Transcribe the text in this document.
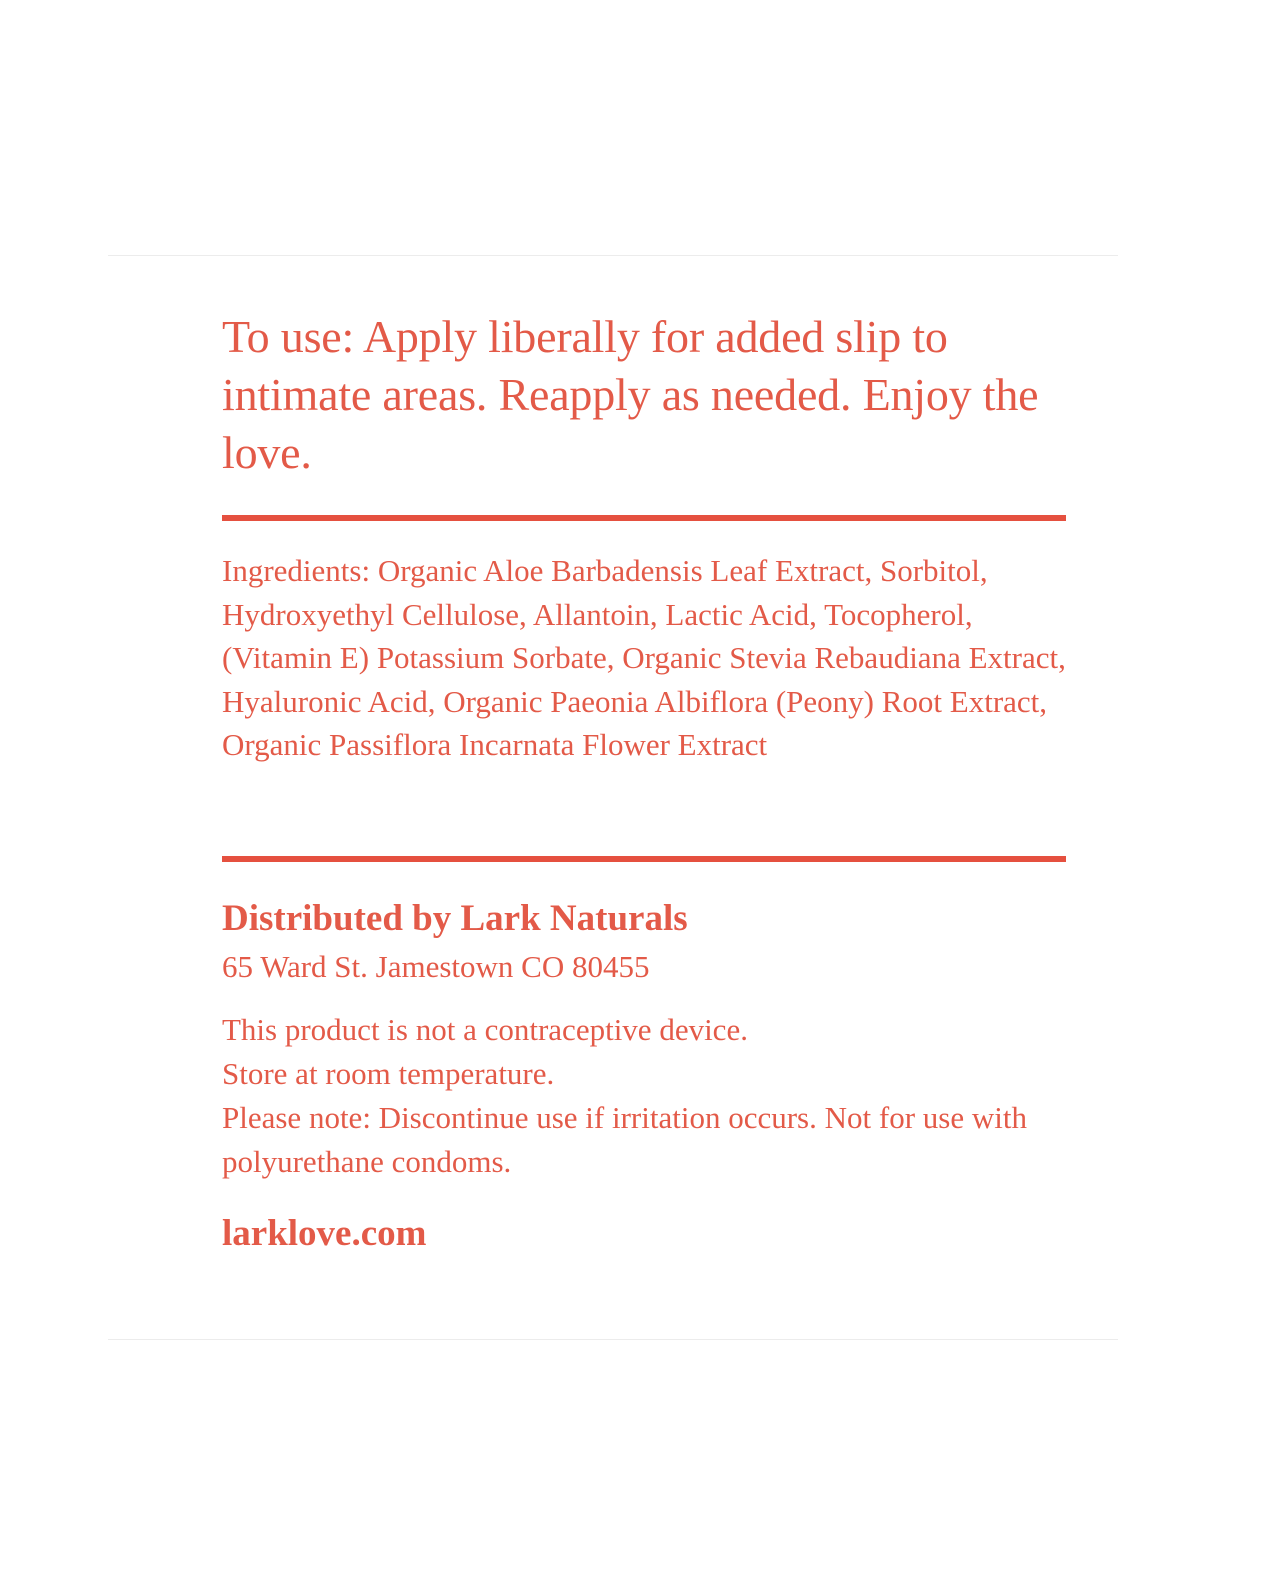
To use: Apply liberally for added slip to intimate areas. Reapply as needed. Enjoy the love.

Ingredients: Organic Aloe Barbadensis Leaf Extract, Sorbitol, Hydroxyethyl Cellulose, Allantoin, Lactic Acid, Tocopherol, (Vitamin E) Potassium Sorbate, Organic Stevia Rebaudiana Extract, Hyaluronic Acid, Organic Paeonia Albiflora (Peony) Root Extract, Organic Passiflora Incarnata Flower Extract

Distributed by Lark Naturals

65 Ward St. Jamestown CO 80455

This product is not a contraceptive device.
Store at room temperature.
Please note: Discontinue use if irritation occurs. Not for use with polyurethane condoms.

larklove.com
